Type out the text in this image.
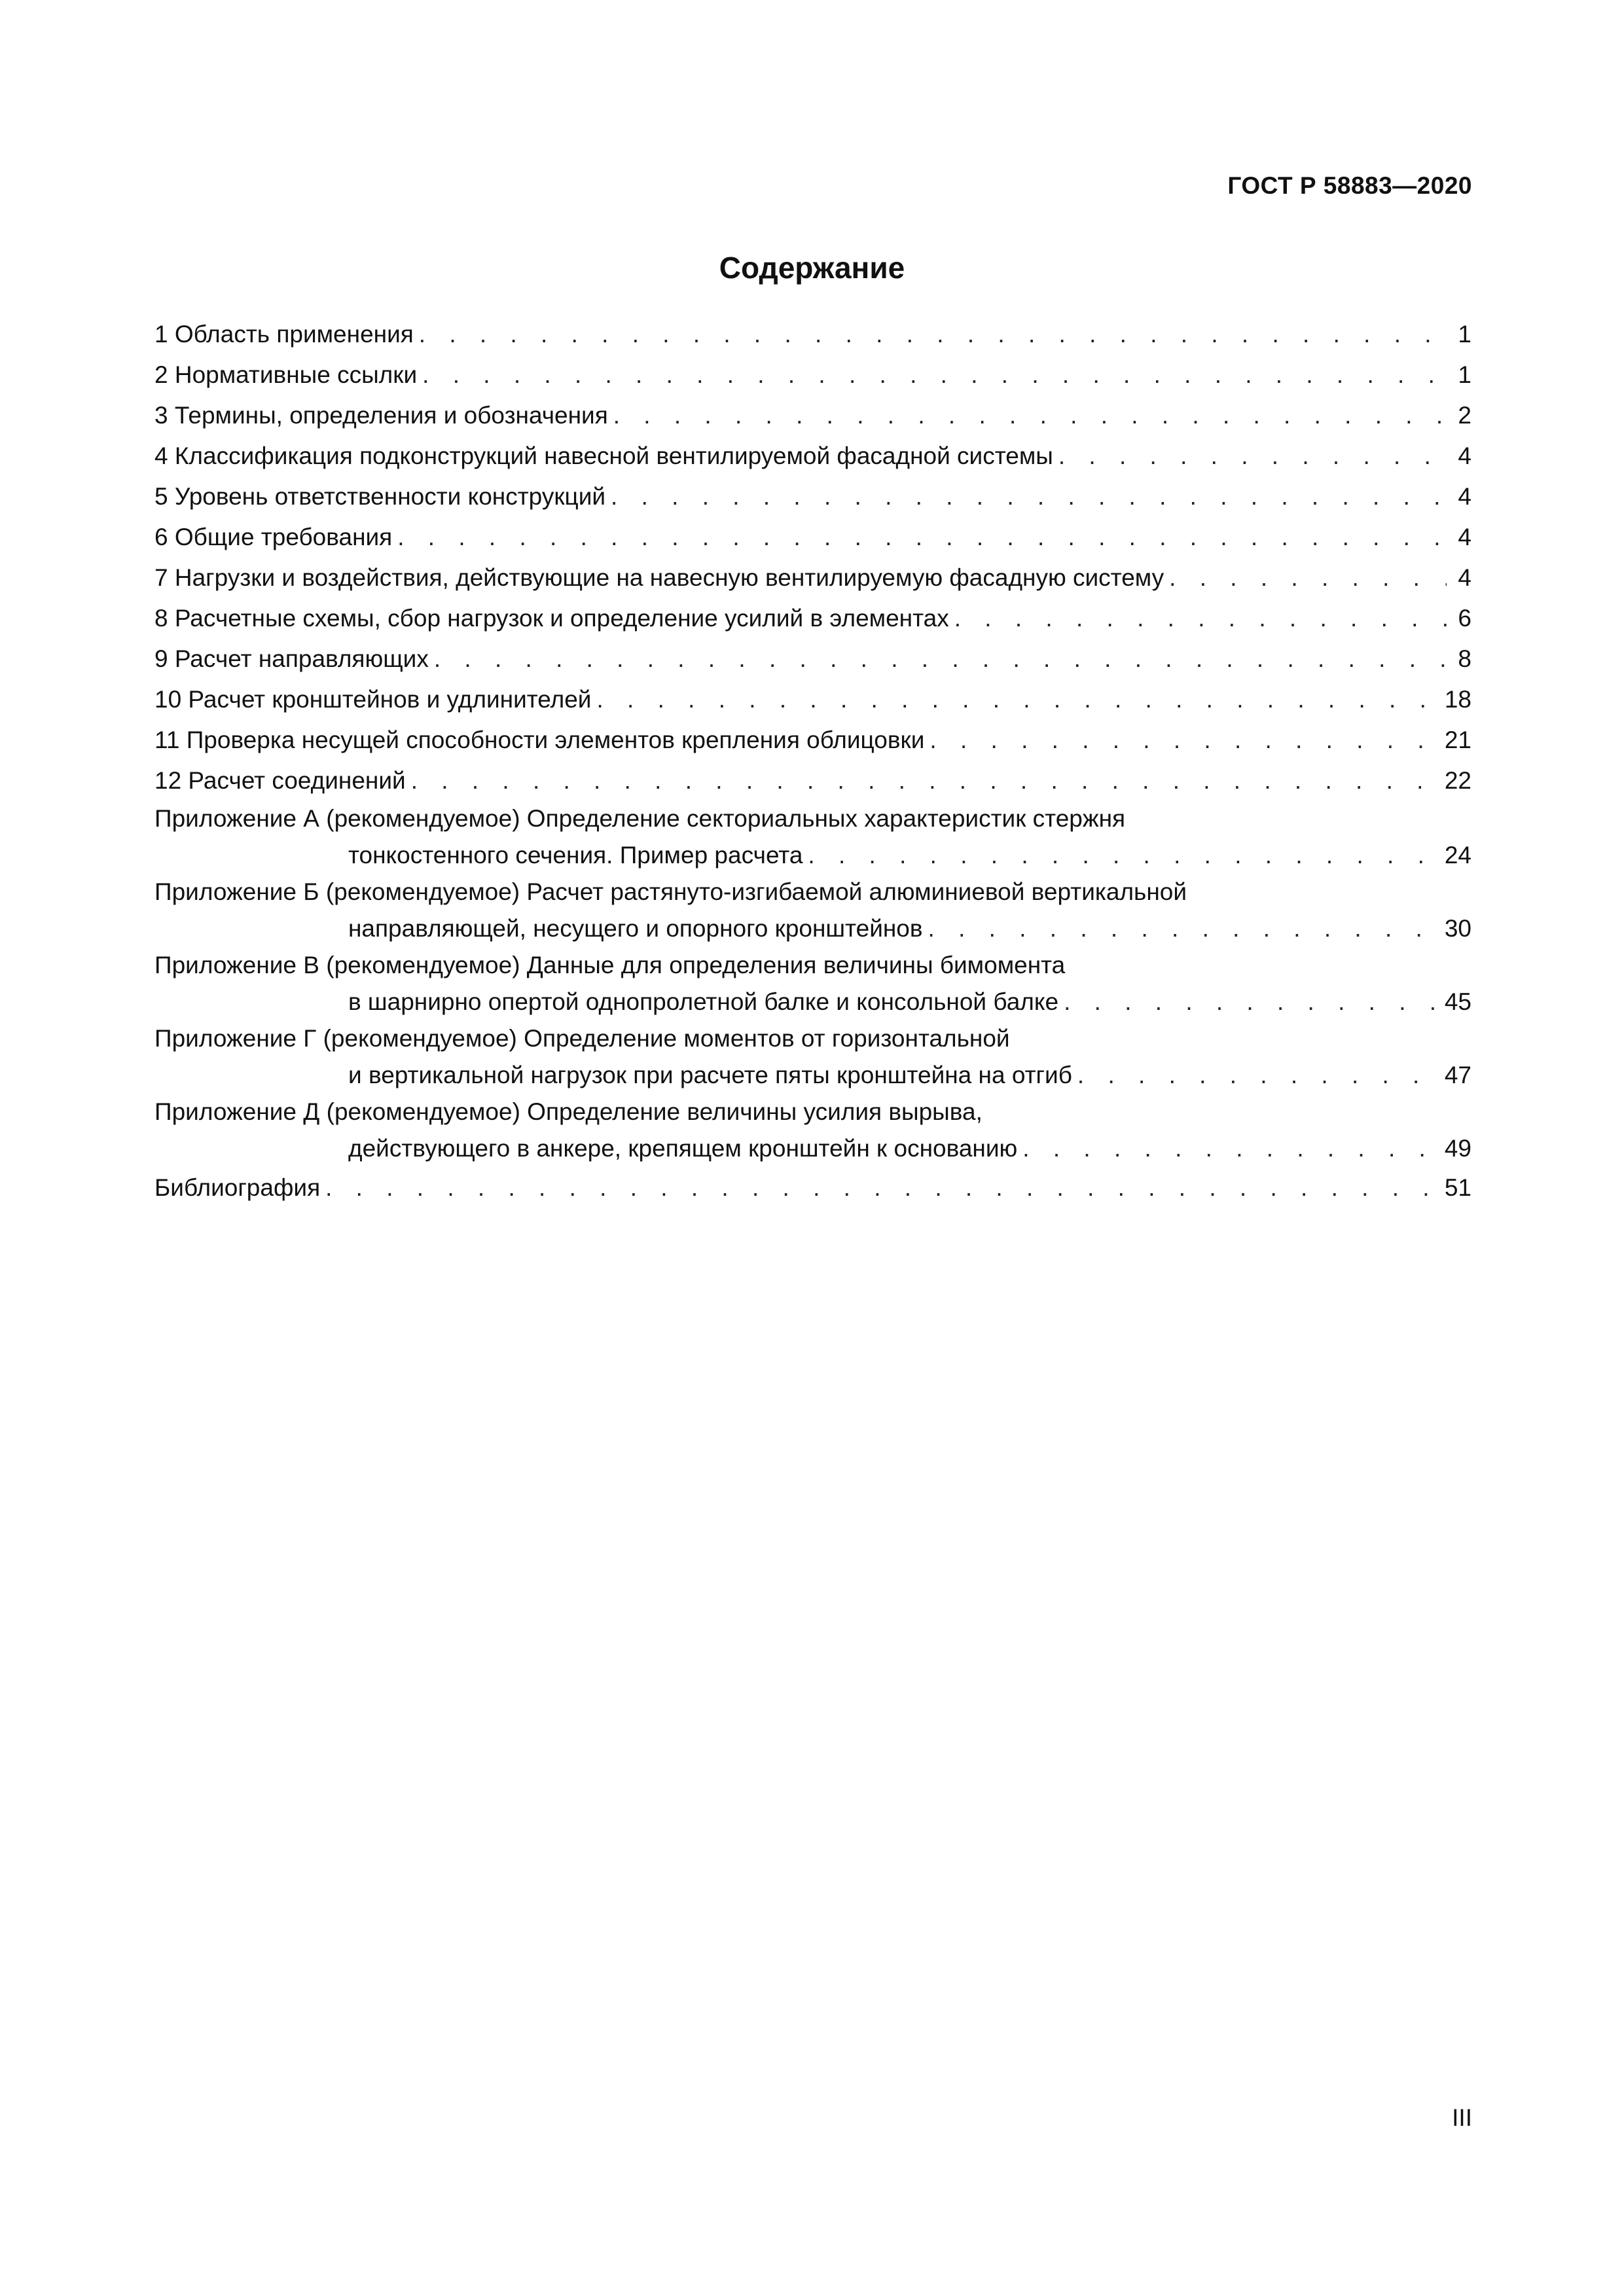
ГОСТ Р 58883—2020
Содержание
1 Область применения . . .	1
2 Нормативные ссылки . . .	1
3 Термины, определения и обозначения . . .	2
4 Классификация подконструкций навесной вентилируемой фасадной системы . . .	4
5 Уровень ответственности конструкций . . .	4
6 Общие требования . . .	4
7 Нагрузки и воздействия, действующие на навесную вентилируемую фасадную систему . . .	4
8 Расчетные схемы, сбор нагрузок и определение усилий в элементах . . .	6
9 Расчет направляющих . . .	8
10 Расчет кронштейнов и удлинителей . . .	18
11 Проверка несущей способности элементов крепления облицовки . . .	21
12 Расчет соединений . . .	22
Приложение А (рекомендуемое) Определение секториальных характеристик стержня
тонкостенного сечения. Пример расчета . . .	24
Приложение Б (рекомендуемое) Расчет растянуто-изгибаемой алюминиевой вертикальной
направляющей, несущего и опорного кронштейнов . . .	30
Приложение В (рекомендуемое) Данные для определения величины бимомента
в шарнирно опертой однопролетной балке и консольной балке . . .	45
Приложение Г (рекомендуемое) Определение моментов от горизонтальной
и вертикальной нагрузок при расчете пяты кронштейна на отгиб . . .	47
Приложение Д (рекомендуемое) Определение величины усилия вырыва,
действующего в анкере, крепящем кронштейн к основанию . . .	49
Библиография . . .	51
III
